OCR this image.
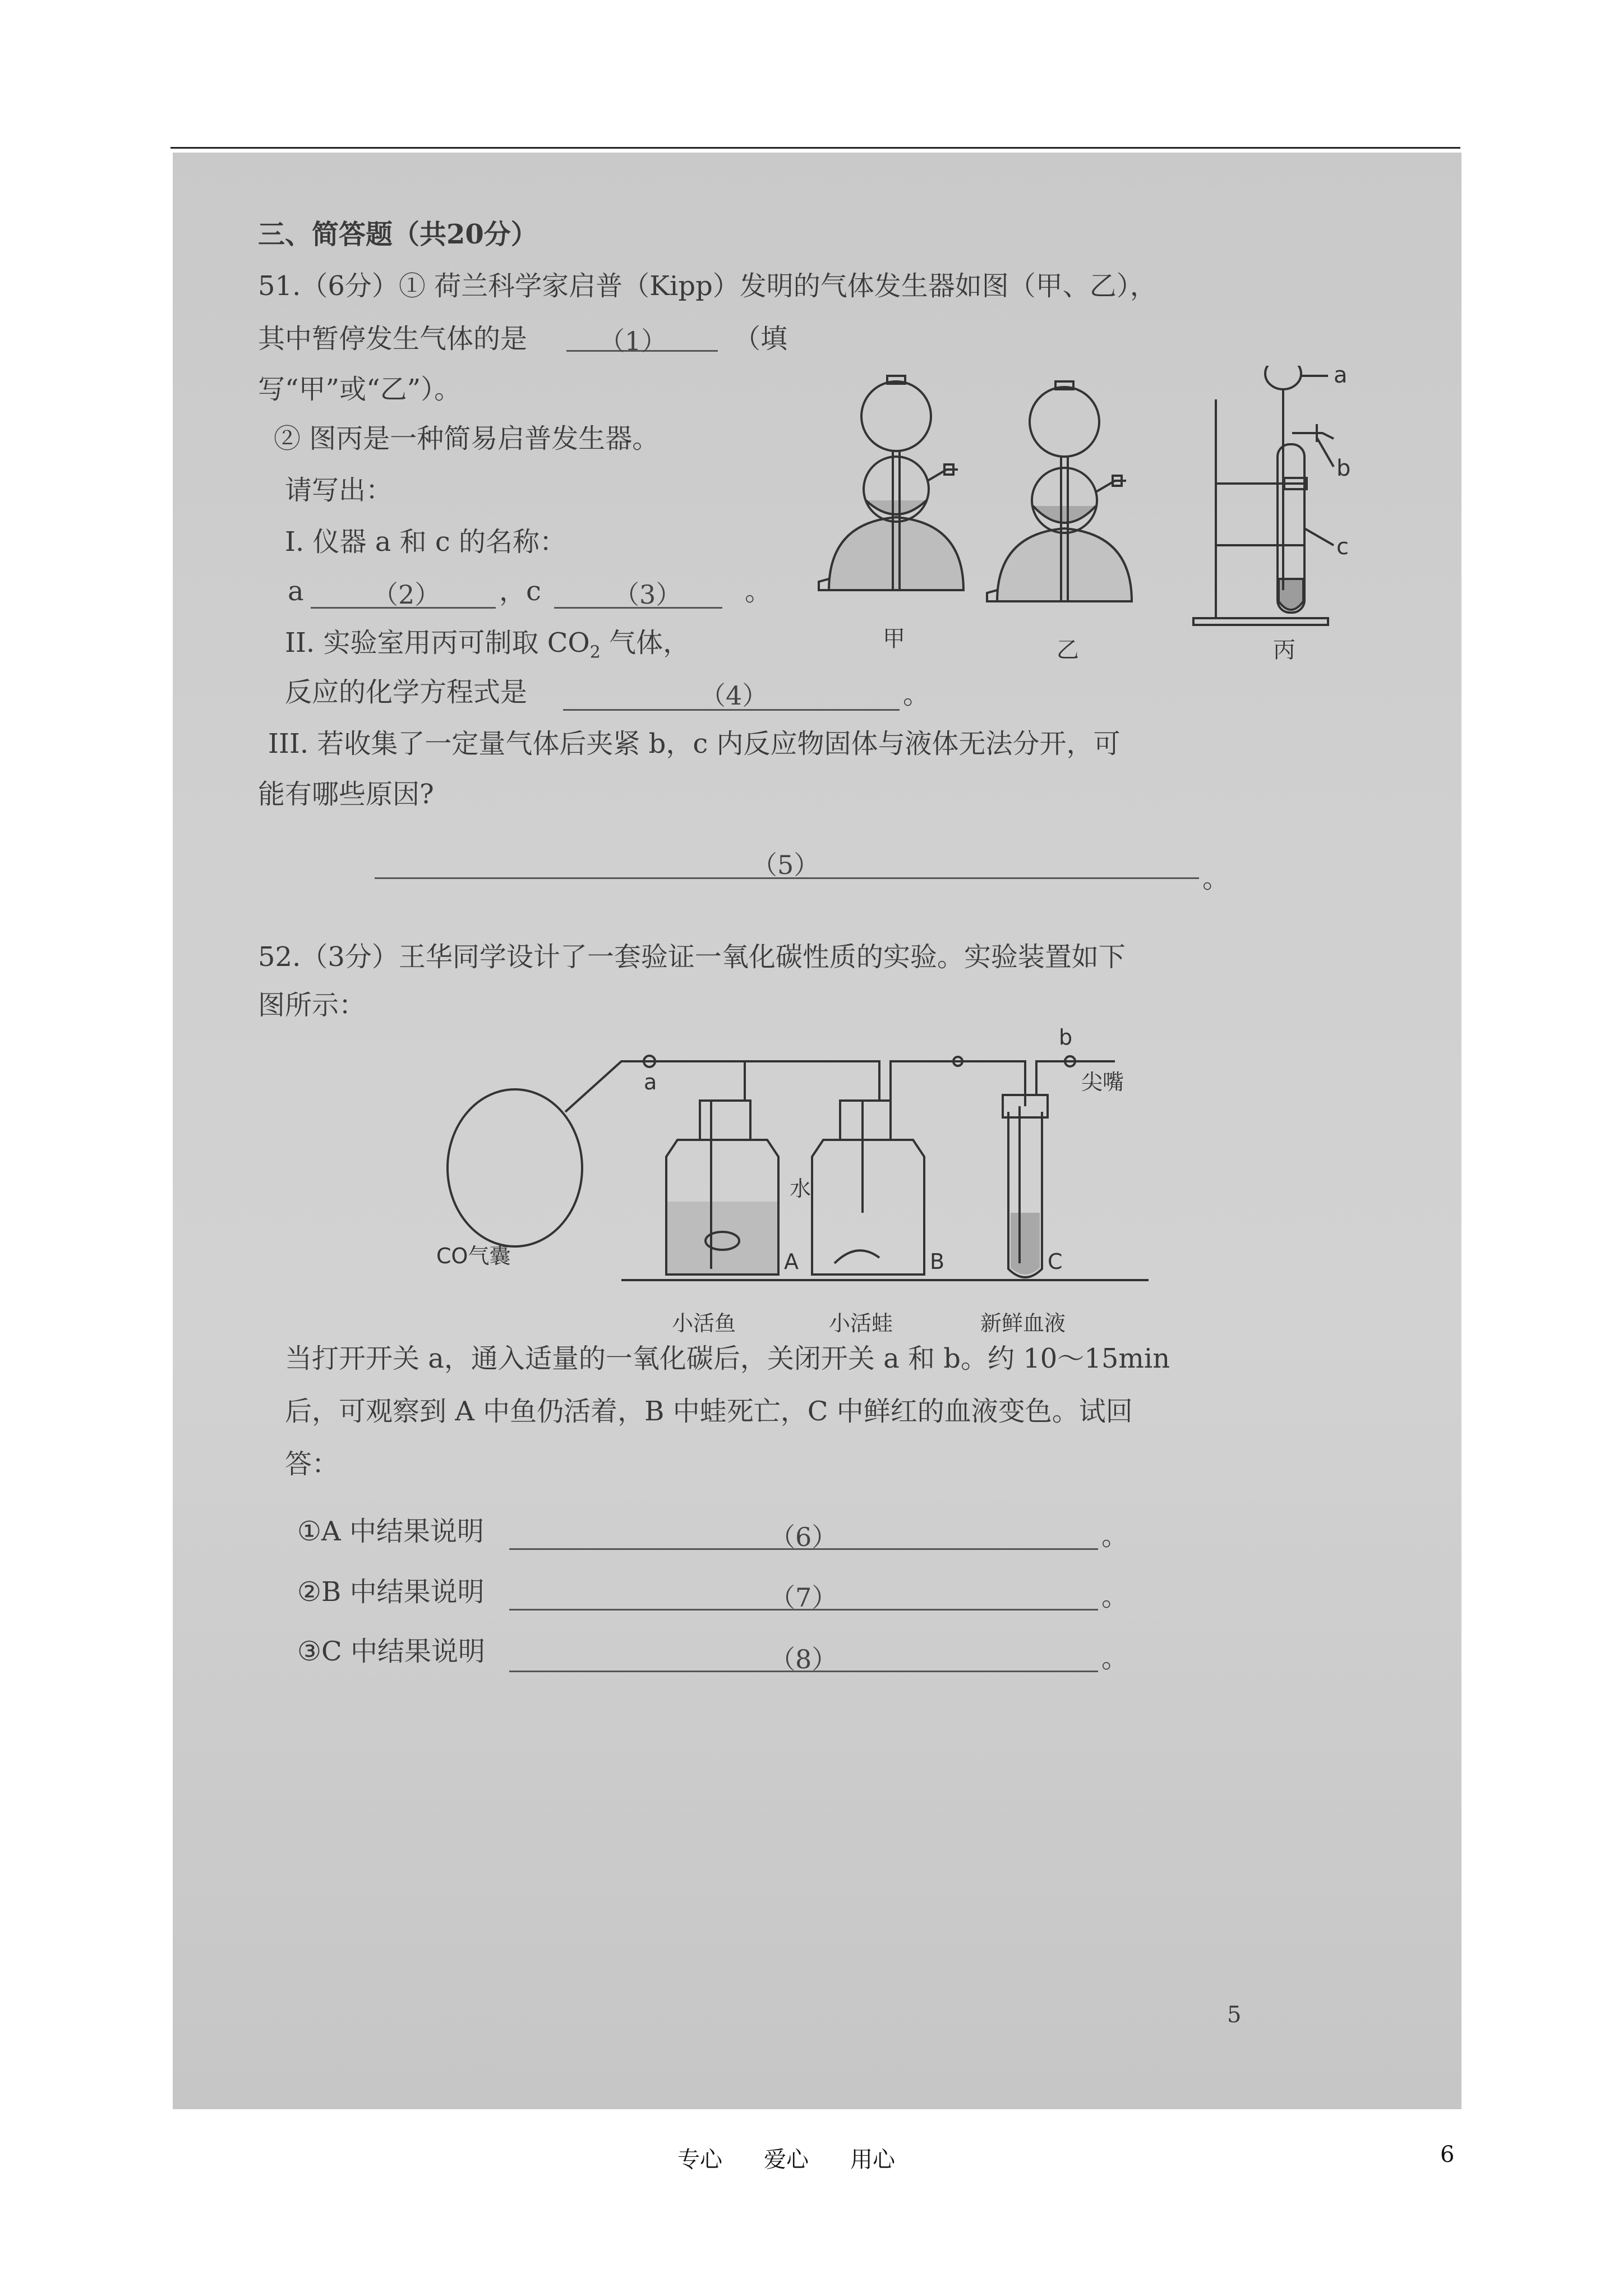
三、简答题（共20分）
51.（6分）① 荷兰科学家启普（Kipp）发明的气体发生器如图（甲、乙），
其中暂停发生气体的是	（1） （填
写“甲”或“乙”）。
② 图丙是一种简易启普发生器。
请写出：
I. 仪器 a 和 c 的名称：
a	（2） ，c	（3） 。
II. 实验室用丙可制取 $CO_2$ 气体，
反应的化学方程式是	（4）	。
III. 若收集了一定量气体后夹紧 b，c 内反应物固体与液体无法分开，可
能有哪些原因?
（5）	。
a
b
c
甲	乙	丙
52.（3分）王华同学设计了一套验证一氧化碳性质的实验。实验装置如下
图所示：
CO气囊
a
b
尖嘴
水
A	B	C
小活鱼	小活蛙	新鲜血液
当打开开关 a，通入适量的一氧化碳后，关闭开关 a 和 b。约 10～15min
后，可观察到 A 中鱼仍活着，B 中蛙死亡，C 中鲜红的血液变色。试回
答：
①A 中结果说明	（6）	。
②B 中结果说明	（7）	。
③C 中结果说明	（8）	。
5
专心 爱心 用心	6
